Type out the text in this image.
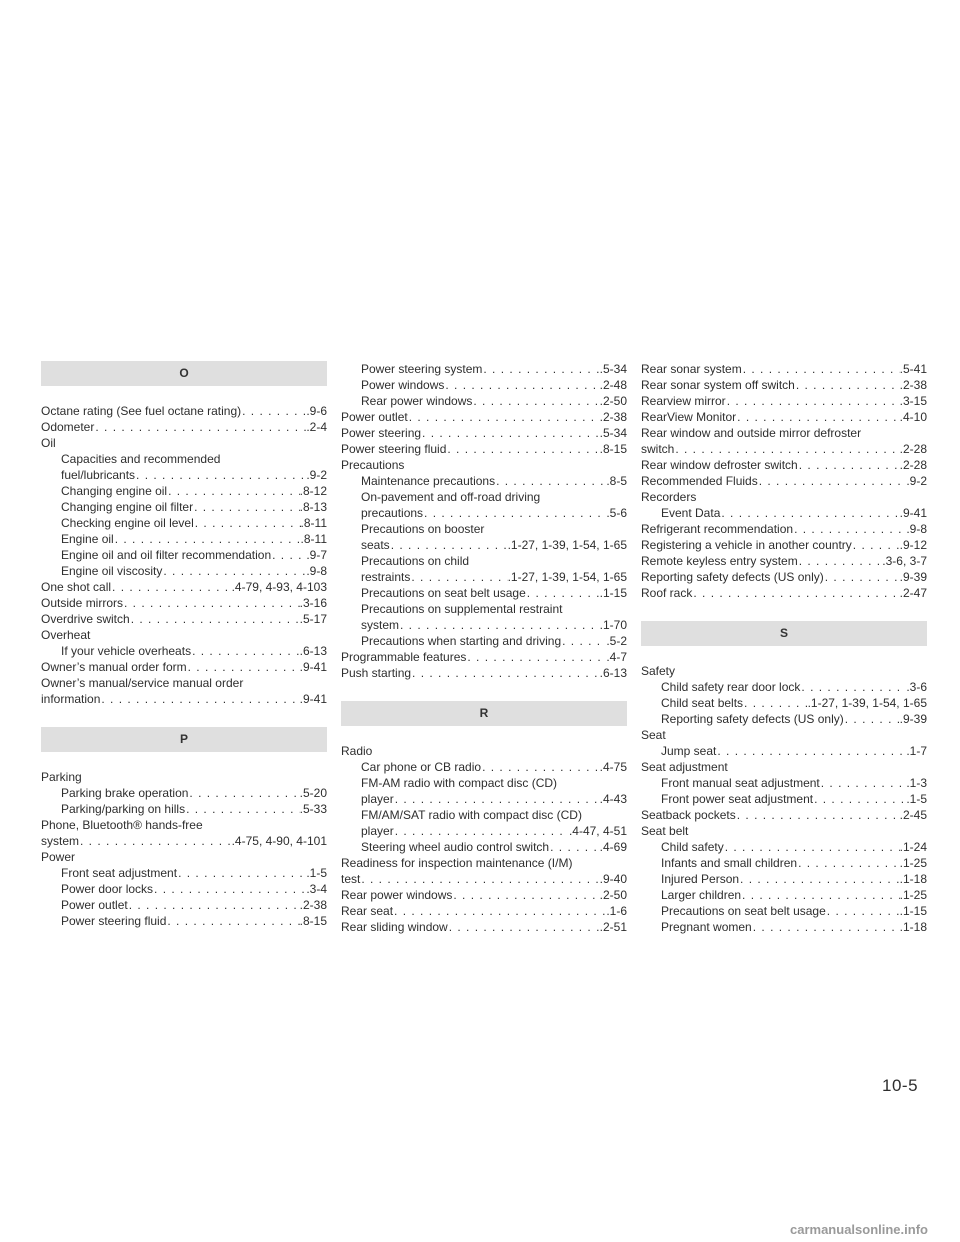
O
Octane rating (See fuel octane rating) . . .	.9-6
Odometer . . .	.2-4
Oil
Capacities and recommended
fuel/lubricants . . .	.9-2
Changing engine oil . . .	.8-12
Changing engine oil filter . . .	.8-13
Checking engine oil level . . .	.8-11
Engine oil . . .	.8-11
Engine oil and oil filter recommendation . . .	.9-7
Engine oil viscosity . . .	.9-8
One shot call . . .	.4-79, 4-93, 4-103
Outside mirrors . . .	.3-16
Overdrive switch . . .	.5-17
Overheat
If your vehicle overheats . . .	.6-13
Owner’s manual order form . . .	.9-41
Owner’s manual/service manual order
information . . .	.9-41
P
Parking
Parking brake operation . . .	.5-20
Parking/parking on hills . . .	.5-33
Phone, Bluetooth® hands-free
system . . .	.4-75, 4-90, 4-101
Power
Front seat adjustment . . .	.1-5
Power door locks . . .	.3-4
Power outlet . . .	.2-38
Power steering fluid . . .	.8-15
Power steering system . . .	.5-34
Power windows . . .	.2-48
Rear power windows . . .	.2-50
Power outlet . . .	.2-38
Power steering . . .	.5-34
Power steering fluid . . .	.8-15
Precautions
Maintenance precautions . . .	.8-5
On-pavement and off-road driving
precautions . . .	.5-6
Precautions on booster
seats . . .	.1-27, 1-39, 1-54, 1-65
Precautions on child
restraints . . .	.1-27, 1-39, 1-54, 1-65
Precautions on seat belt usage . . .	.1-15
Precautions on supplemental restraint
system . . .	.1-70
Precautions when starting and driving . . .	.5-2
Programmable features . . .	.4-7
Push starting . . .	.6-13
R
Radio
Car phone or CB radio . . .	.4-75
FM-AM radio with compact disc (CD)
player . . .	.4-43
FM/AM/SAT radio with compact disc (CD)
player . . .	.4-47, 4-51
Steering wheel audio control switch . . .	.4-69
Readiness for inspection maintenance (I/M)
test . . .	.9-40
Rear power windows . . .	.2-50
Rear seat . . .	.1-6
Rear sliding window . . .	.2-51
Rear sonar system . . .	.5-41
Rear sonar system off switch . . .	.2-38
Rearview mirror . . .	.3-15
RearView Monitor . . .	.4-10
Rear window and outside mirror defroster
switch . . .	.2-28
Rear window defroster switch . . .	.2-28
Recommended Fluids . . .	.9-2
Recorders
Event Data . . .	.9-41
Refrigerant recommendation . . .	.9-8
Registering a vehicle in another country . . .	.9-12
Remote keyless entry system . . .	.3-6, 3-7
Reporting safety defects (US only) . . .	.9-39
Roof rack . . .	.2-47
S
Safety
Child safety rear door lock . . .	.3-6
Child seat belts . . .	.1-27, 1-39, 1-54, 1-65
Reporting safety defects (US only) . . .	.9-39
Seat
Jump seat . . .	.1-7
Seat adjustment
Front manual seat adjustment . . .	.1-3
Front power seat adjustment . . .	.1-5
Seatback pockets . . .	.2-45
Seat belt
Child safety . . .	.1-24
Infants and small children . . .	.1-25
Injured Person . . .	.1-18
Larger children . . .	.1-25
Precautions on seat belt usage . . .	.1-15
Pregnant women . . .	.1-18
10-5
carmanualsonline.info
